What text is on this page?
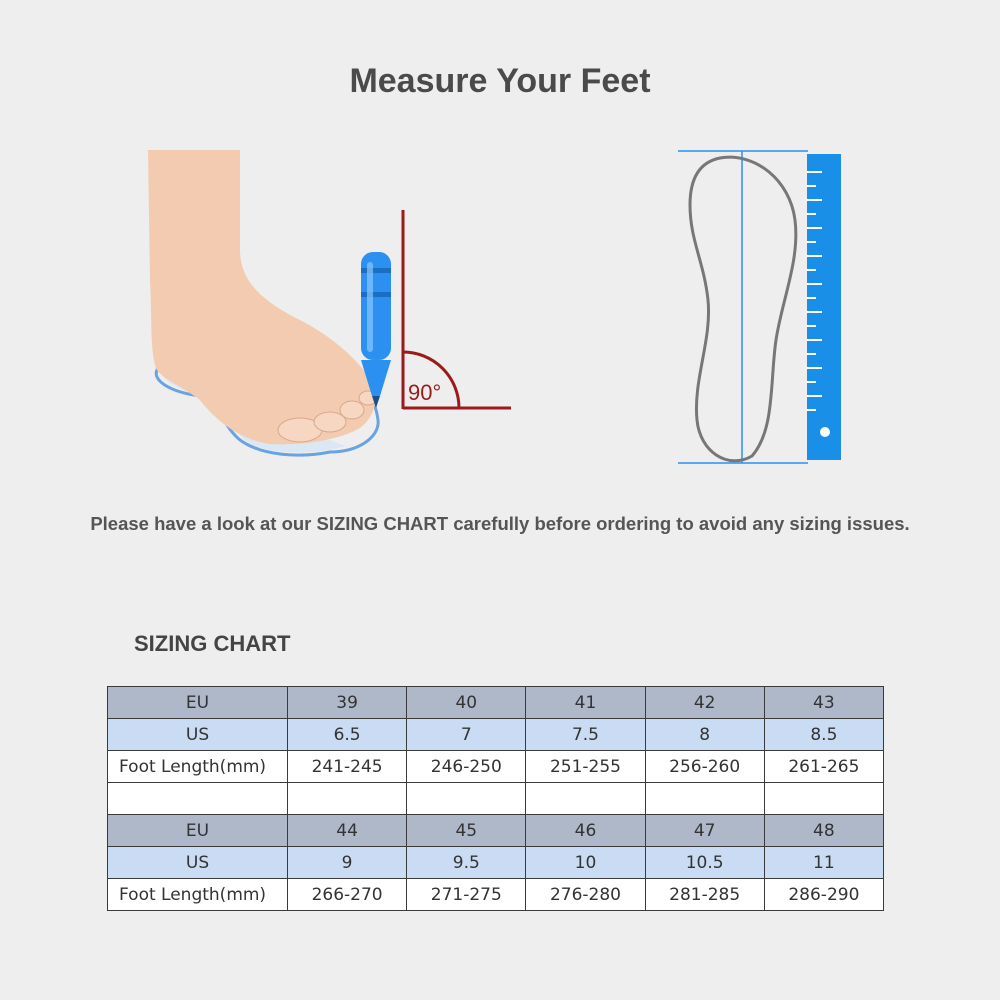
Measure Your Feet
90°
Please have a look at our SIZING CHART carefully before ordering to avoid any sizing issues.
SIZING CHART
EU	39	40	41	42	43
US	6.5	7	7.5	8	8.5
Foot Length(mm)	241-245	246-250	251-255	256-260	261-265

EU	44	45	46	47	48
US	9	9.5	10	10.5	11
Foot Length(mm)	266-270	271-275	276-280	281-285	286-290
